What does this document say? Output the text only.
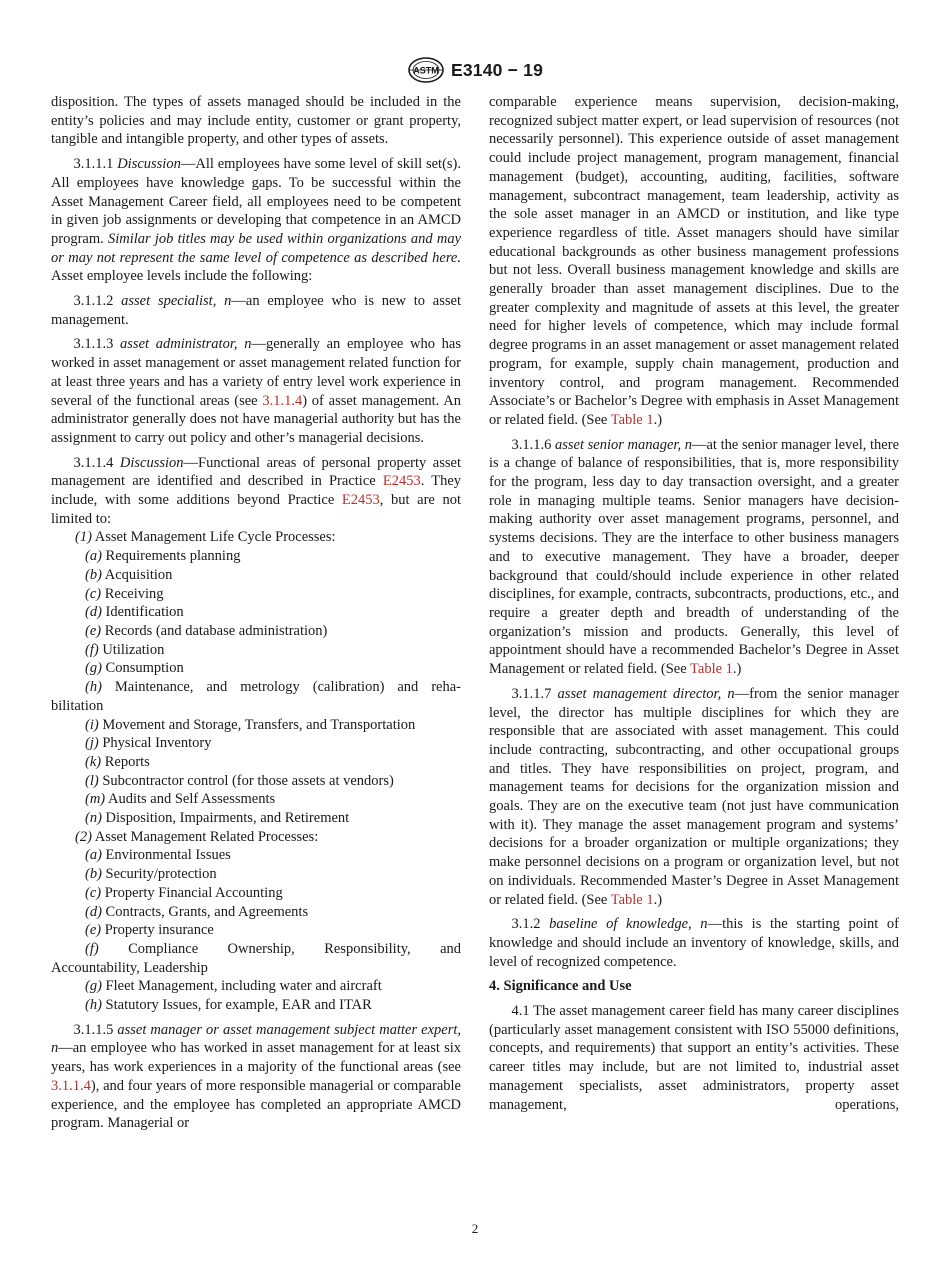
ASTM E3140 − 19

disposition. The types of assets managed should be included in the entity’s policies and may include entity, customer or grant property, tangible and intangible property, and other types of assets.

3.1.1.1 Discussion—All employees have some level of skill set(s). All employees have knowledge gaps. To be successful within the Asset Management Career field, all employees need to be competent in given job assignments or developing that competence in an AMCD program. Similar job titles may be used within organizations and may or may not represent the same level of competence as described here. Asset employee levels include the following:

3.1.1.2 asset specialist, n—an employee who is new to asset management.

3.1.1.3 asset administrator, n—generally an employee who has worked in asset management or asset management related function for at least three years and has a variety of entry level work experience in several of the functional areas (see 3.1.1.4) of asset management. An administrator generally does not have managerial authority but has the assignment to carry out policy and other’s managerial decisions.

3.1.1.4 Discussion—Functional areas of personal property asset management are identified and described in Practice E2453. They include, with some additions beyond Practice E2453, but are not limited to:

(1) Asset Management Life Cycle Processes:
(a) Requirements planning
(b) Acquisition
(c) Receiving
(d) Identification
(e) Records (and database administration)
(f) Utilization
(g) Consumption
(h) Maintenance, and metrology (calibration) and reha-
bilitation
(i) Movement and Storage, Transfers, and Transportation
(j) Physical Inventory
(k) Reports
(l) Subcontractor control (for those assets at vendors)
(m) Audits and Self Assessments
(n) Disposition, Impairments, and Retirement
(2) Asset Management Related Processes:
(a) Environmental Issues
(b) Security/protection
(c) Property Financial Accounting
(d) Contracts, Grants, and Agreements
(e) Property insurance
(f) Compliance Ownership, Responsibility, and
Accountability, Leadership
(g) Fleet Management, including water and aircraft
(h) Statutory Issues, for example, EAR and ITAR

3.1.1.5 asset manager or asset management subject matter expert, n—an employee who has worked in asset management for at least six years, has work experiences in a majority of the functional areas (see 3.1.1.4), and four years of more responsible managerial or comparable experience, and the employee has completed an appropriate AMCD program. Managerial or

comparable experience means supervision, decision-making, recognized subject matter expert, or lead supervision of resources (not necessarily personnel). This experience outside of asset management could include project management, program management, financial management (budget), accounting, auditing, facilities, software management, subcontract management, team leadership, activity as the sole asset manager in an AMCD or institution, and like type experience regardless of title. Asset managers should have similar educational backgrounds as other business management professions but not less. Overall business management knowledge and skills are generally broader than asset management disciplines. Due to the greater complexity and magnitude of assets at this level, the greater need for higher levels of competence, which may include formal degree programs in an asset management or asset management related program, for example, supply chain management, production and inventory control, and program management. Recommended Associate’s or Bachelor’s Degree with emphasis in Asset Management or related field. (See Table 1.)

3.1.1.6 asset senior manager, n—at the senior manager level, there is a change of balance of responsibilities, that is, more responsibility for the program, less day to day transaction oversight, and a greater role in managing multiple teams. Senior managers have decision-making authority over asset management programs, personnel, and systems decisions. They are the interface to other business managers and to executive management. They have a broader, deeper background that could/should include experience in other related disciplines, for example, contracts, subcontracts, productions, etc., and require a greater depth and breadth of understanding of the organization’s mission and products. Generally, this level of appointment should have a recommended Bachelor’s Degree in Asset Management or related field. (See Table 1.)

3.1.1.7 asset management director, n—from the senior manager level, the director has multiple disciplines for which they are responsible that are associated with asset management. This could include contracting, subcontracting, and other occupational groups and titles. They have responsibilities on project, program, and management teams for decisions for the organization mission and goals. They are on the executive team (not just have communication with it). They manage the asset management program and systems’ decisions for a broader organization or multiple organizations; they make personnel decisions on a program or organization level, but not on individuals. Recommended Master’s Degree in Asset Management or related field. (See Table 1.)

3.1.2 baseline of knowledge, n—this is the starting point of knowledge and should include an inventory of knowledge, skills, and level of recognized competence.

4. Significance and Use

4.1 The asset management career field has many career disciplines (particularly asset management consistent with ISO 55000 definitions, concepts, and requirements) that support an entity’s activities. These career titles may include, but are not limited to, industrial asset management specialists, asset administrators, property asset management, operations,

2
